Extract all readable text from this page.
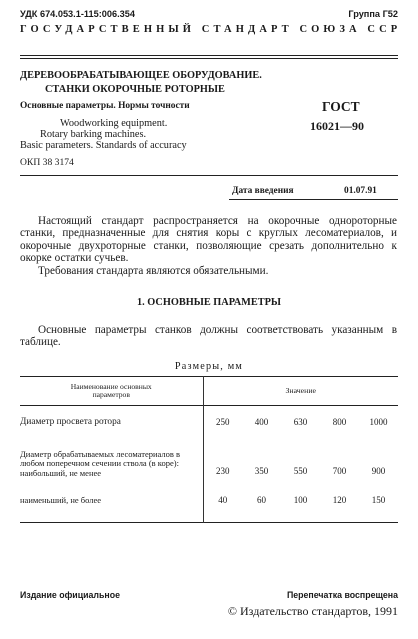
УДК 674.053.1-115:006.354	Группа Г52
ГОСУДАРСТВЕННЫЙ СТАНДАРТ СОЮЗА ССР
ДЕРЕВООБРАБАТЫВАЮЩЕЕ ОБОРУДОВАНИЕ.
СТАНКИ ОКОРОЧНЫЕ РОТОРНЫЕ
Основные параметры. Нормы точности
Woodworking equipment.
Rotary barking machines.
Basic parameters. Standards of accuracy
ГОСТ
16021—90
ОКП 38 3174
Дата введения	01.07.91
Настоящий стандарт распространяется на окорочные однороторные станки, предназначенные для снятия коры с круглых лесоматериалов, и окорочные двухроторные станки, позволяющие срезать дополнительно к окорке остатки сучьев.
Требования стандарта являются обязательными.
1. ОСНОВНЫЕ ПАРАМЕТРЫ
Основные параметры станков должны соответствовать указанным в таблице.
Размеры, мм
Наименование основных параметров	Значение				
Диаметр просвета ротора	250	400	630	800	1000

Диаметр обрабатываемых лесоматериалов в любом поперечном сечении ствола (в коре):
наибольший, не менее	230	350	550	700	900
наименьший, не более	40	60	100	120	150
Издание официальное	Перепечатка воспрещена
© Издательство стандартов, 1991
